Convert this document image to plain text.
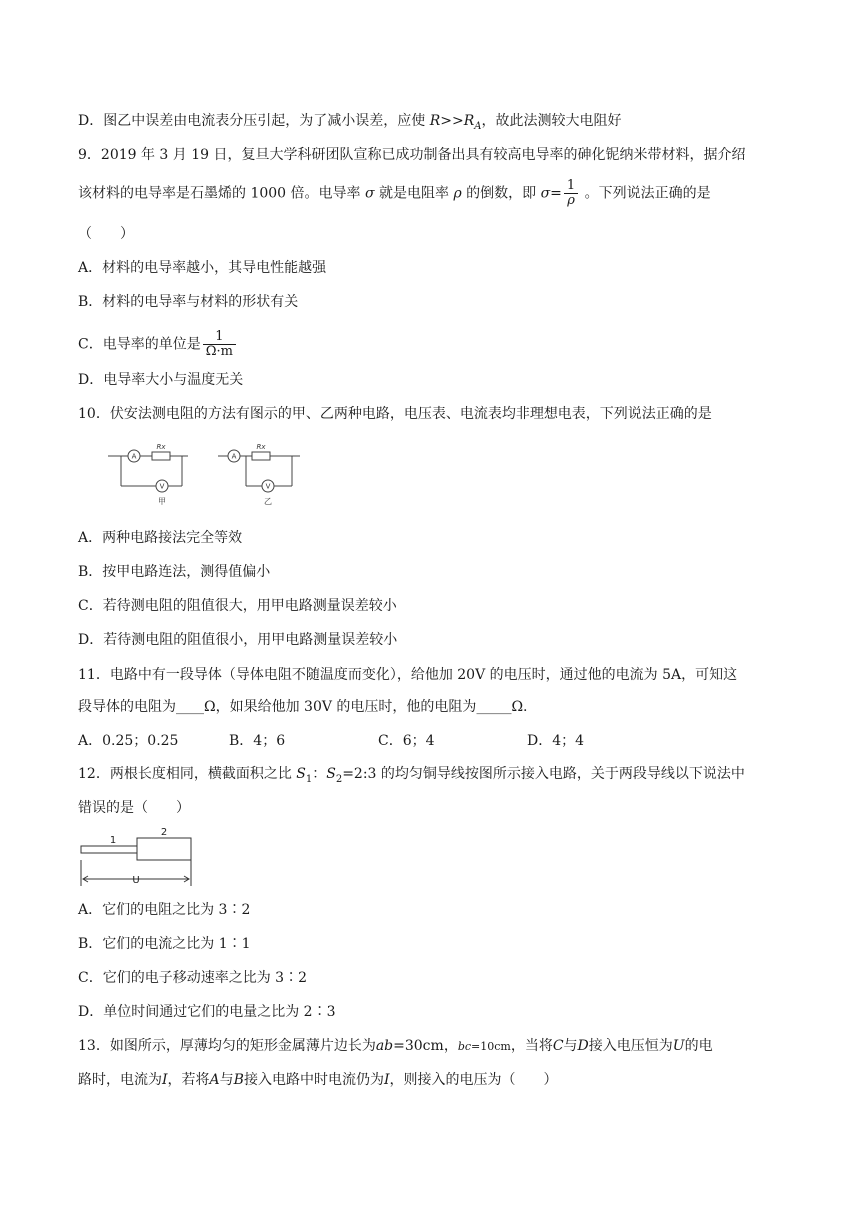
D．图乙中误差由电流表分压引起，为了减小误差，应使 $R>>R_A$，故此法测较大电阻好
9．2019 年 3 月 19 日，复旦大学科研团队宣称已成功制备出具有较高电导率的砷化铌纳米带材料，据介绍
该材料的电导率是石墨烯的 1000 倍。电导率 σ 就是电阻率 ρ 的倒数，即 $\sigma= \frac{1}{\rho}$ 。下列说法正确的是
（　　）
A．材料的电导率越小，其导电性能越强
B．材料的电导率与材料的形状有关
C．电导率的单位是 $\frac{1}{\Omega\cdot m}$
D．电导率大小与温度无关
10．伏安法测电阻的方法有图示的甲、乙两种电路，电压表、电流表均非理想电表，下列说法正确的是
A
V
Rx
A
V
Rx
甲	乙
A．两种电路接法完全等效
B．按甲电路连法，测得值偏小
C．若待测电阻的阻值很大，用甲电路测量误差较小
D．若待测电阻的阻值很小，用甲电路测量误差较小
11．电路中有一段导体（导体电阻不随温度而变化），给他加 20V 的电压时，通过他的电流为 5A，可知这
段导体的电阻为____Ω，如果给他加 30V 的电压时，他的电阻为_____Ω.
A．0.25；0.25	B．4；6	C．6；4	D．4；4
12．两根长度相同，横截面积之比 $S_1$：$S_2=2:3$ 的均匀铜导线按图所示接入电路，关于两段导线以下说法中
错误的是（　　）
1
2
U
A．它们的电阻之比为 3∶2
B．它们的电流之比为 1∶1
C．它们的电子移动速率之比为 3∶2
D．单位时间通过它们的电量之比为 2∶3
13．如图所示，厚薄均匀的矩形金属薄片边长为ab=30cm，bc=10cm，当将C与D接入电压恒为U的电
路时，电流为I，若将A与B接入电路中时电流仍为I，则接入的电压为（　　）
